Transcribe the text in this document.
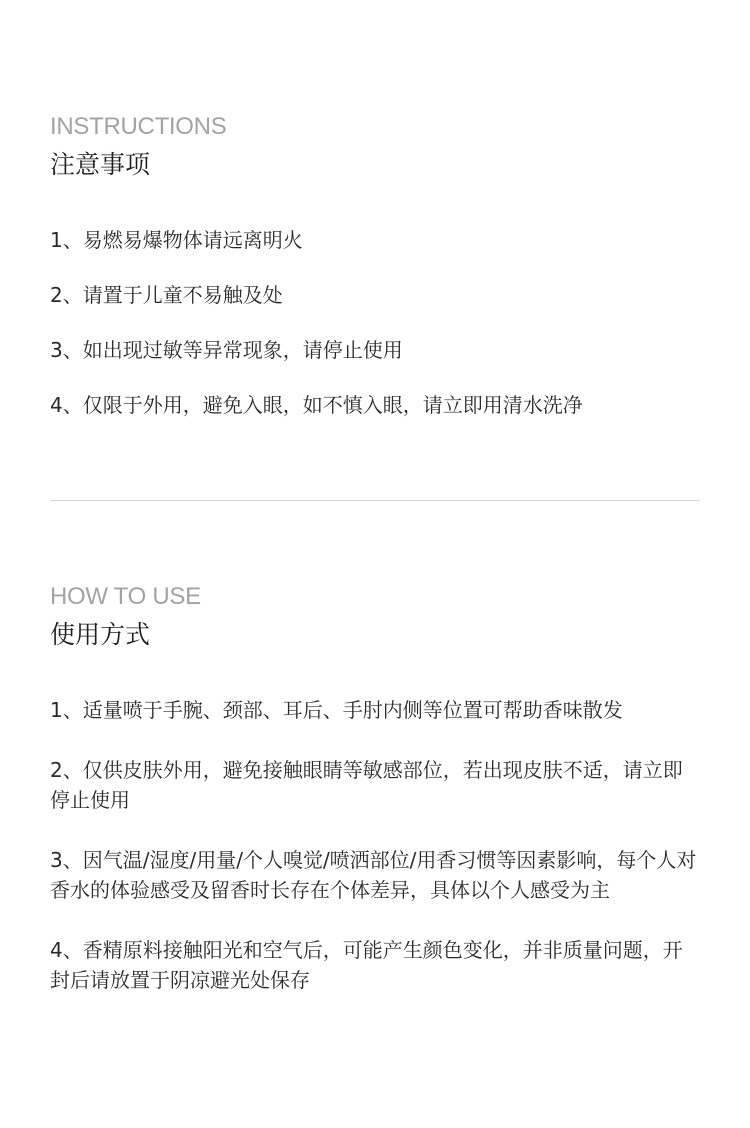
INSTRUCTIONS
注意事项
1、易燃易爆物体请远离明火
2、请置于儿童不易触及处
3、如出现过敏等异常现象，请停止使用
4、仅限于外用，避免入眼，如不慎入眼，请立即用清水洗净
HOW TO USE
使用方式
1、适量喷于手腕、颈部、耳后、手肘内侧等位置可帮助香味散发
2、仅供皮肤外用，避免接触眼睛等敏感部位，若出现皮肤不适，请立即停止使用
3、因气温/湿度/用量/个人嗅觉/喷洒部位/用香习惯等因素影响，每个人对香水的体验感受及留香时长存在个体差异，具体以个人感受为主
4、香精原料接触阳光和空气后，可能产生颜色变化，并非质量问题，开封后请放置于阴凉避光处保存
